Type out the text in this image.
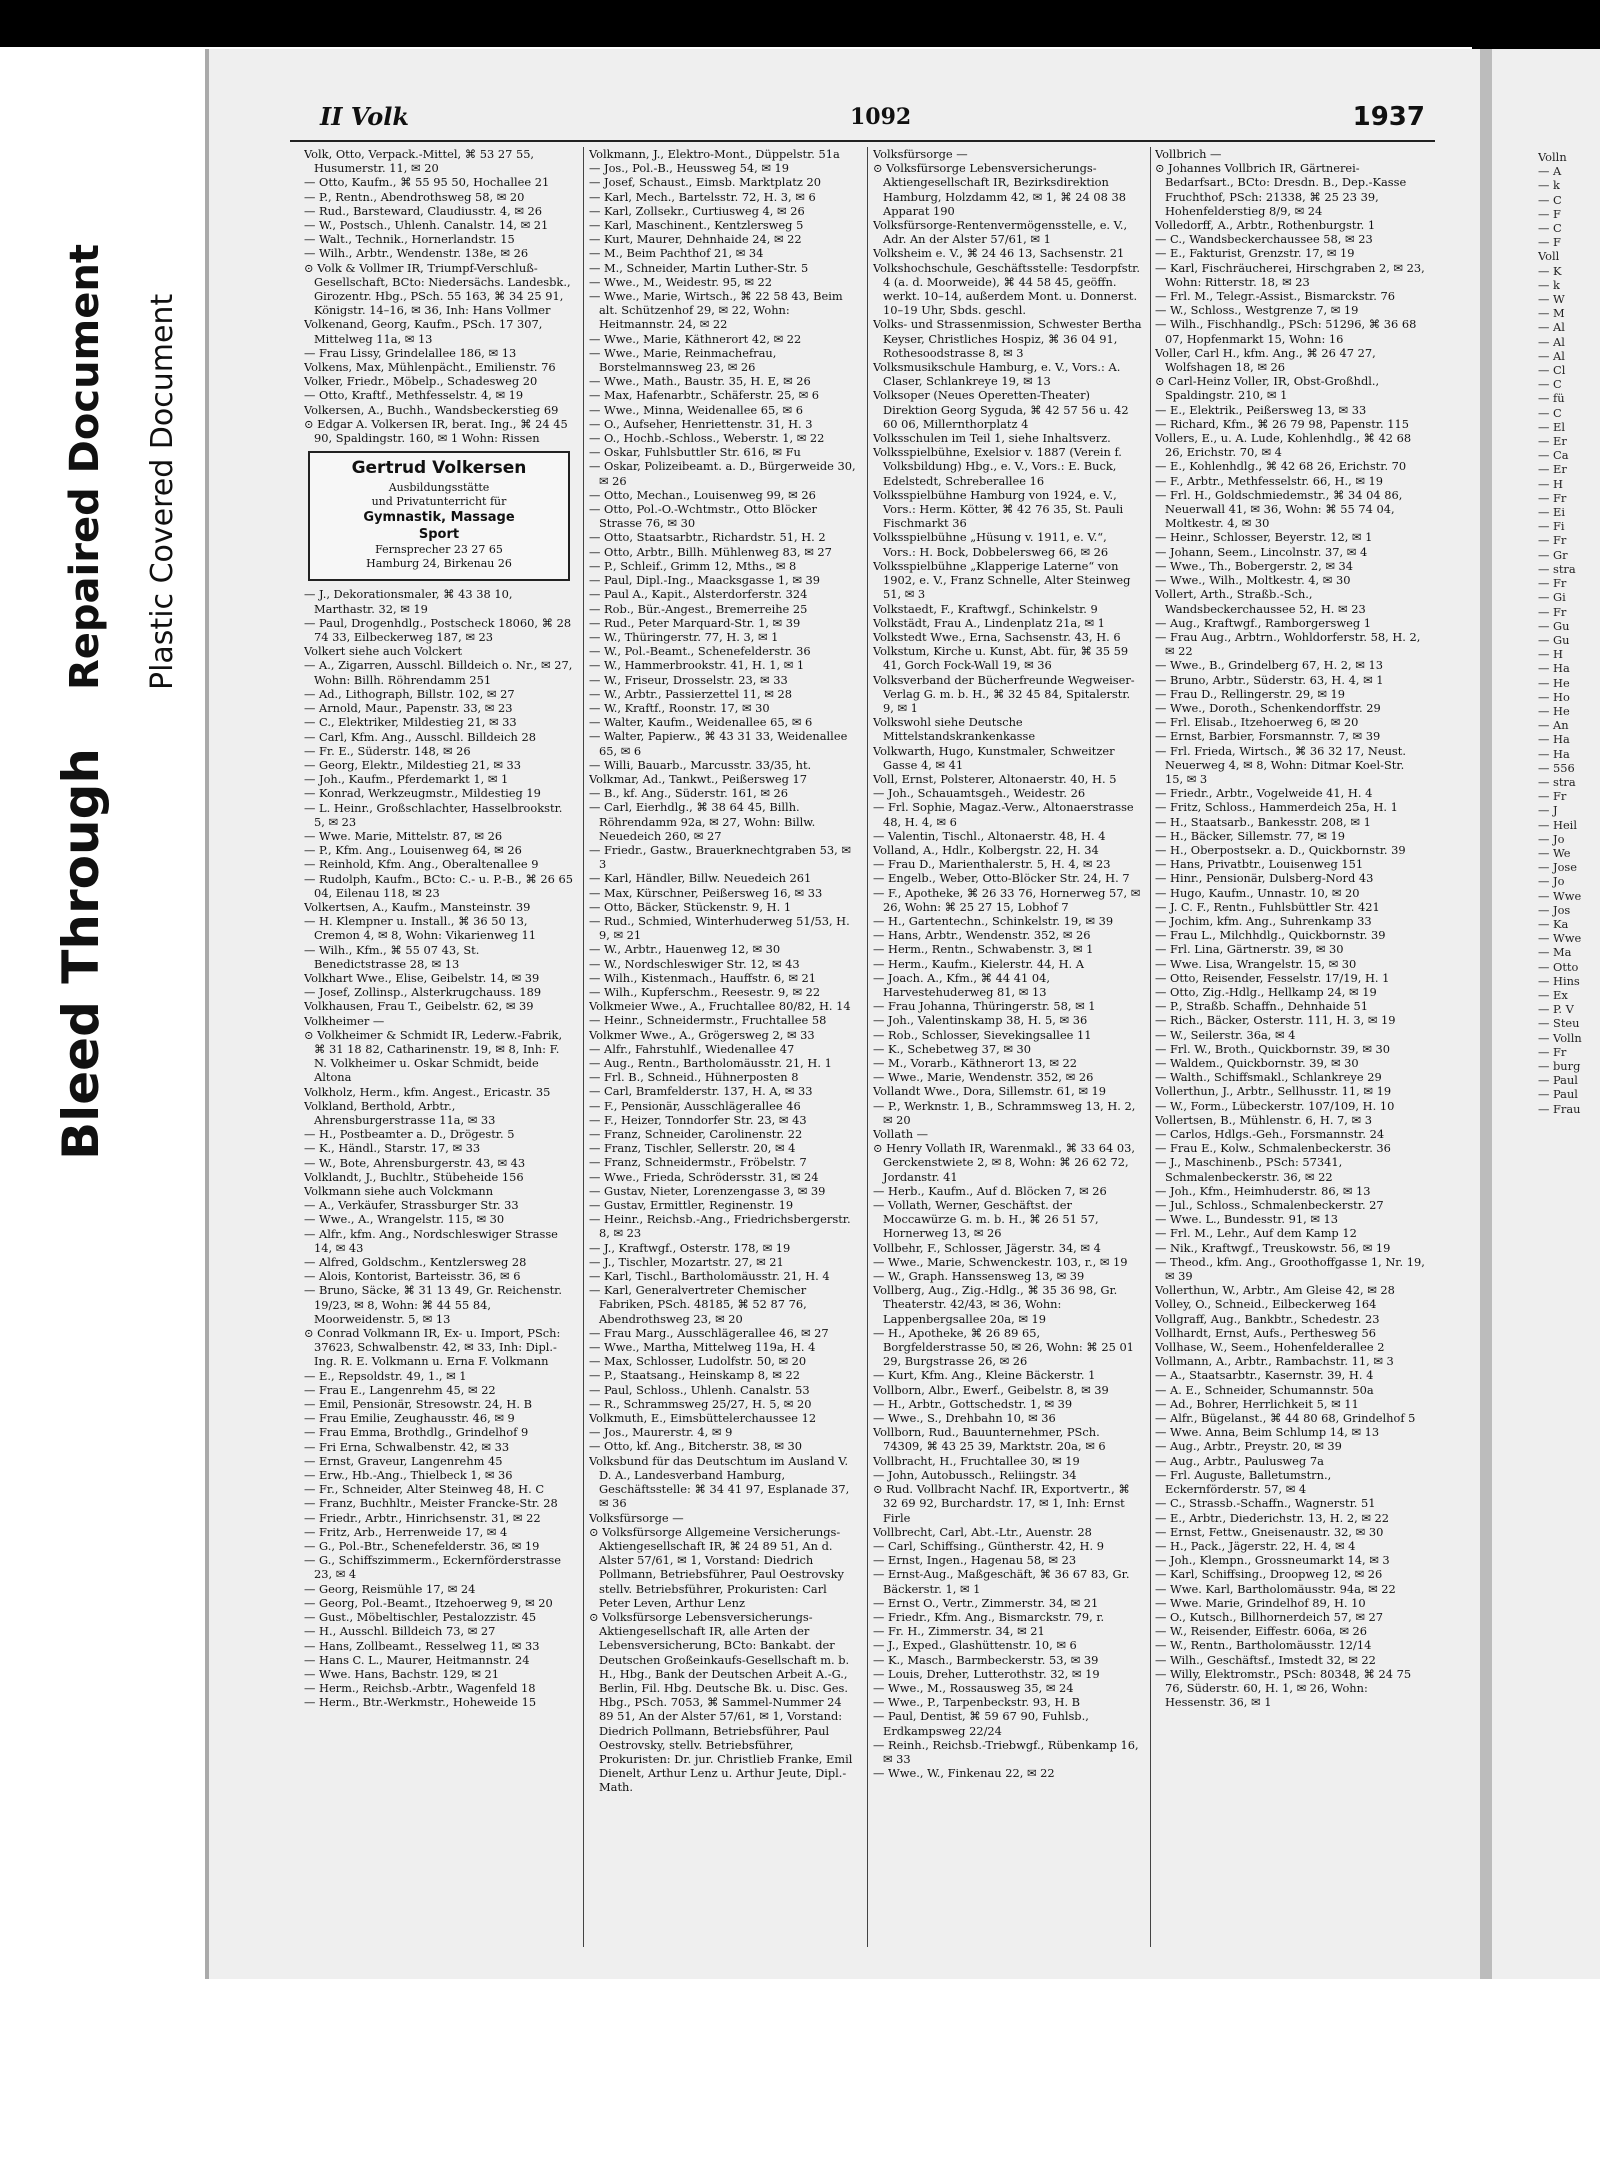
Bleed Through
Repaired Document Plastic Covered Document
II Volk	1092	1937
Volk, Otto, Verpack.-Mittel, ⌘ 53 27 55, Husumerstr. 11, ✉ 20
— Otto, Kaufm., ⌘ 55 95 50, Hochallee 21
— P., Rentn., Abendrothsweg 58, ✉ 20
— Rud., Barsteward, Claudiusstr. 4, ✉ 26
— W., Postsch., Uhlenh. Canalstr. 14, ✉ 21
— Walt., Technik., Hornerlandstr. 15
— Wilh., Arbtr., Wendenstr. 138e, ✉ 26
⊙ Volk & Vollmer IR, Triumpf-Verschluß-Gesellschaft, BCto: Niedersächs. Landesbk., Girozentr. Hbg., PSch. 55 163, ⌘ 34 25 91, Königstr. 14–16, ✉ 36, Inh: Hans Vollmer
Volkenand, Georg, Kaufm., PSch. 17 307, Mittelweg 11a, ✉ 13
— Frau Lissy, Grindelallee 186, ✉ 13
Volkens, Max, Mühlenpächt., Emilienstr. 76
Volker, Friedr., Möbelp., Schadesweg 20
— Otto, Kraftf., Methfesselstr. 4, ✉ 19
Volkersen, A., Buchh., Wandsbeckerstieg 69
⊙ Edgar A. Volkersen IR, berat. Ing., ⌘ 24 45 90, Spaldingstr. 160, ✉ 1 Wohn: Rissen
Gertrud Volkersen
Ausbildungsstätte
und Privatunterricht für
Gymnastik, Massage
Sport
Fernsprecher 23 27 65
Hamburg 24, Birkenau 26
— J., Dekorationsmaler, ⌘ 43 38 10, Marthastr. 32, ✉ 19
— Paul, Drogenhdlg., Postscheck 18060, ⌘ 28 74 33, Eilbeckerweg 187, ✉ 23
Volkert siehe auch Volckert
— A., Zigarren, Ausschl. Billdeich o. Nr., ✉ 27, Wohn: Billh. Röhrendamm 251
— Ad., Lithograph, Billstr. 102, ✉ 27
— Arnold, Maur., Papenstr. 33, ✉ 23
— C., Elektriker, Mildestieg 21, ✉ 33
— Carl, Kfm. Ang., Ausschl. Billdeich 28
— Fr. E., Süderstr. 148, ✉ 26
— Georg, Elektr., Mildestieg 21, ✉ 33
— Joh., Kaufm., Pferdemarkt 1, ✉ 1
— Konrad, Werkzeugmstr., Mildestieg 19
— L. Heinr., Großschlachter, Hasselbrookstr. 5, ✉ 23
— Wwe. Marie, Mittelstr. 87, ✉ 26
— P., Kfm. Ang., Louisenweg 64, ✉ 26
— Reinhold, Kfm. Ang., Oberaltenallee 9
— Rudolph, Kaufm., BCto: C.- u. P.-B., ⌘ 26 65 04, Eilenau 118, ✉ 23
Volkertsen, A., Kaufm., Mansteinstr. 39
— H. Klempner u. Install., ⌘ 36 50 13, Cremon 4, ✉ 8, Wohn: Vikarienweg 11
— Wilh., Kfm., ⌘ 55 07 43, St. Benedictstrasse 28, ✉ 13
Volkhart Wwe., Elise, Geibelstr. 14, ✉ 39
— Josef, Zollinsp., Alsterkrugchauss. 189
Volkhausen, Frau T., Geibelstr. 62, ✉ 39
Volkheimer —
⊙ Volkheimer & Schmidt IR, Lederw.-Fabrik, ⌘ 31 18 82, Catharinenstr. 19, ✉ 8, Inh: F. N. Volkheimer u. Oskar Schmidt, beide Altona
Volkholz, Herm., kfm. Angest., Ericastr. 35
Volkland, Berthold, Arbtr., Ahrensburgerstrasse 11a, ✉ 33
— H., Postbeamter a. D., Drögestr. 5
— K., Händl., Starstr. 17, ✉ 33
— W., Bote, Ahrensburgerstr. 43, ✉ 43
Volklandt, J., Buchltr., Stübeheide 156
Volkmann siehe auch Volckmann
— A., Verkäufer, Strassburger Str. 33
— Wwe., A., Wrangelstr. 115, ✉ 30
— Alfr., kfm. Ang., Nordschleswiger Strasse 14, ✉ 43
— Alfred, Goldschm., Kentzlersweg 28
— Alois, Kontorist, Barteisstr. 36, ✉ 6
— Bruno, Säcke, ⌘ 31 13 49, Gr. Reichenstr. 19/23, ✉ 8, Wohn: ⌘ 44 55 84, Moorweidenstr. 5, ✉ 13
⊙ Conrad Volkmann IR, Ex- u. Import, PSch: 37623, Schwalbenstr. 42, ✉ 33, Inh: Dipl.-Ing. R. E. Volkmann u. Erna F. Volkmann
— E., Repsoldstr. 49, 1., ✉ 1
— Frau E., Langenrehm 45, ✉ 22
— Emil, Pensionär, Stresowstr. 24, H. B
— Frau Emilie, Zeughausstr. 46, ✉ 9
— Frau Emma, Brothdlg., Grindelhof 9
— Fri Erna, Schwalbenstr. 42, ✉ 33
— Ernst, Graveur, Langenrehm 45
— Erw., Hb.-Ang., Thielbeck 1, ✉ 36
— Fr., Schneider, Alter Steinweg 48, H. C
— Franz, Buchhltr., Meister Francke-Str. 28
— Friedr., Arbtr., Hinrichsenstr. 31, ✉ 22
— Fritz, Arb., Herrenweide 17, ✉ 4
— G., Pol.-Btr., Schenefelderstr. 36, ✉ 19
— G., Schiffszimmerm., Eckernförderstrasse 23, ✉ 4
— Georg, Reismühle 17, ✉ 24
— Georg, Pol.-Beamt., Itzehoerweg 9, ✉ 20
— Gust., Möbeltischler, Pestalozzistr. 45
— H., Ausschl. Billdeich 73, ✉ 27
— Hans, Zollbeamt., Resselweg 11, ✉ 33
— Hans C. L., Maurer, Heitmannstr. 24
— Wwe. Hans, Bachstr. 129, ✉ 21
— Herm., Reichsb.-Arbtr., Wagenfeld 18
— Herm., Btr.-Werkmstr., Hoheweide 15
Volkmann, J., Elektro-Mont., Düppelstr. 51a
— Jos., Pol.-B., Heussweg 54, ✉ 19
— Josef, Schaust., Eimsb. Marktplatz 20
— Karl, Mech., Bartelsstr. 72, H. 3, ✉ 6
— Karl, Zollsekr., Curtiusweg 4, ✉ 26
— Karl, Maschinent., Kentzlersweg 5
— Kurt, Maurer, Dehnhaide 24, ✉ 22
— M., Beim Pachthof 21, ✉ 34
— M., Schneider, Martin Luther-Str. 5
— Wwe., M., Weidestr. 95, ✉ 22
— Wwe., Marie, Wirtsch., ⌘ 22 58 43, Beim alt. Schützenhof 29, ✉ 22, Wohn: Heitmannstr. 24, ✉ 22
— Wwe., Marie, Käthnerort 42, ✉ 22
— Wwe., Marie, Reinmachefrau, Borstelmannsweg 23, ✉ 26
— Wwe., Math., Baustr. 35, H. E, ✉ 26
— Max, Hafenarbtr., Schäferstr. 25, ✉ 6
— Wwe., Minna, Weidenallee 65, ✉ 6
— O., Aufseher, Henriettenstr. 31, H. 3
— O., Hochb.-Schloss., Weberstr. 1, ✉ 22
— Oskar, Fuhlsbuttler Str. 616, ✉ Fu
— Oskar, Polizeibeamt. a. D., Bürgerweide 30, ✉ 26
— Otto, Mechan., Louisenweg 99, ✉ 26
— Otto, Pol.-O.-Wchtmstr., Otto Blöcker Strasse 76, ✉ 30
— Otto, Staatsarbtr., Richardstr. 51, H. 2
— Otto, Arbtr., Billh. Mühlenweg 83, ✉ 27
— P., Schleif., Grimm 12, Mths., ✉ 8
— Paul, Dipl.-Ing., Maacksgasse 1, ✉ 39
— Paul A., Kapit., Alsterdorferstr. 324
— Rob., Bür.-Angest., Bremerreihe 25
— Rud., Peter Marquard-Str. 1, ✉ 39
— W., Thüringerstr. 77, H. 3, ✉ 1
— W., Pol.-Beamt., Schenefelderstr. 36
— W., Hammerbrookstr. 41, H. 1, ✉ 1
— W., Friseur, Drosselstr. 23, ✉ 33
— W., Arbtr., Passierzettel 11, ✉ 28
— W., Kraftf., Roonstr. 17, ✉ 30
— Walter, Kaufm., Weidenallee 65, ✉ 6
— Walter, Papierw., ⌘ 43 31 33, Weidenallee 65, ✉ 6
— Willi, Bauarb., Marcusstr. 33/35, ht.
Volkmar, Ad., Tankwt., Peißersweg 17
— B., kf. Ang., Süderstr. 161, ✉ 26
— Carl, Eierhdlg., ⌘ 38 64 45, Billh. Röhrendamm 92a, ✉ 27, Wohn: Billw. Neuedeich 260, ✉ 27
— Friedr., Gastw., Brauerknechtgraben 53, ✉ 3
— Karl, Händler, Billw. Neuedeich 261
— Max, Kürschner, Peißersweg 16, ✉ 33
— Otto, Bäcker, Stückenstr. 9, H. 1
— Rud., Schmied, Winterhuderweg 51/53, H. 9, ✉ 21
— W., Arbtr., Hauenweg 12, ✉ 30
— W., Nordschleswiger Str. 12, ✉ 43
— Wilh., Kistenmach., Hauffstr. 6, ✉ 21
— Wilh., Kupferschm., Reesestr. 9, ✉ 22
Volkmeier Wwe., A., Fruchtallee 80/82, H. 14
— Heinr., Schneidermstr., Fruchtallee 58
Volkmer Wwe., A., Grögersweg 2, ✉ 33
— Alfr., Fahrstuhlf., Wiedenallee 47
— Aug., Rentn., Bartholomäusstr. 21, H. 1
— Frl. B., Schneid., Hühnerposten 8
— Carl, Bramfelderstr. 137, H. A, ✉ 33
— F., Pensionär, Ausschlägerallee 46
— F., Heizer, Tonndorfer Str. 23, ✉ 43
— Franz, Schneider, Carolinenstr. 22
— Franz, Tischler, Sellerstr. 20, ✉ 4
— Franz, Schneidermstr., Fröbelstr. 7
— Wwe., Frieda, Schrödersstr. 31, ✉ 24
— Gustav, Nieter, Lorenzengasse 3, ✉ 39
— Gustav, Ermittler, Reginenstr. 19
— Heinr., Reichsb.-Ang., Friedrichsbergerstr. 8, ✉ 23
— J., Kraftwgf., Osterstr. 178, ✉ 19
— J., Tischler, Mozartstr. 27, ✉ 21
— Karl, Tischl., Bartholomäusstr. 21, H. 4
— Karl, Generalvertreter Chemischer Fabriken, PSch. 48185, ⌘ 52 87 76, Abendrothsweg 23, ✉ 20
— Frau Marg., Ausschlägerallee 46, ✉ 27
— Wwe., Martha, Mittelweg 119a, H. 4
— Max, Schlosser, Ludolfstr. 50, ✉ 20
— P., Staatsang., Heinskamp 8, ✉ 22
— Paul, Schloss., Uhlenh. Canalstr. 53
— R., Schrammsweg 25/27, H. 5, ✉ 20
Volkmuth, E., Eimsbüttelerchaussee 12
— Jos., Maurerstr. 4, ✉ 9
— Otto, kf. Ang., Bitcherstr. 38, ✉ 30
Volksbund für das Deutschtum im Ausland V. D. A., Landesverband Hamburg, Geschäftsstelle: ⌘ 34 41 97, Esplanade 37, ✉ 36
Volksfürsorge —
⊙ Volksfürsorge Allgemeine Versicherungs-Aktiengesellschaft IR, ⌘ 24 89 51, An d. Alster 57/61, ✉ 1, Vorstand: Diedrich Pollmann, Betriebsführer, Paul Oestrovsky stellv. Betriebsführer, Prokuristen: Carl Peter Leven, Arthur Lenz
⊙ Volksfürsorge Lebensversicherungs-Aktiengesellschaft IR, alle Arten der Lebensversicherung, BCto: Bankabt. der Deutschen Großeinkaufs-Gesellschaft m. b. H., Hbg., Bank der Deutschen Arbeit A.-G., Berlin, Fil. Hbg. Deutsche Bk. u. Disc. Ges. Hbg., PSch. 7053, ⌘ Sammel-Nummer 24 89 51, An der Alster 57/61, ✉ 1, Vorstand: Diedrich Pollmann, Betriebsführer, Paul Oestrovsky, stellv. Betriebsführer, Prokuristen: Dr. jur. Christlieb Franke, Emil Dienelt, Arthur Lenz u. Arthur Jeute, Dipl.-Math.
Volksfürsorge —
⊙ Volksfürsorge Lebensversicherungs-Aktiengesellschaft IR, Bezirksdirektion Hamburg, Holzdamm 42, ✉ 1, ⌘ 24 08 38 Apparat 190
Volksfürsorge-Rentenvermögensstelle, e. V., Adr. An der Alster 57/61, ✉ 1
Volksheim e. V., ⌘ 24 46 13, Sachsenstr. 21
Volkshochschule, Geschäftsstelle: Tesdorpfstr. 4 (a. d. Moorweide), ⌘ 44 58 45, geöffn. werkt. 10–14, außerdem Mont. u. Donnerst. 10–19 Uhr, Sbds. geschl.
Volks- und Strassenmission, Schwester Bertha Keyser, Christliches Hospiz, ⌘ 36 04 91, Rothesoodstrasse 8, ✉ 3
Volksmusikschule Hamburg, e. V., Vors.: A. Claser, Schlankreye 19, ✉ 13
Volksoper (Neues Operetten-Theater) Direktion Georg Syguda, ⌘ 42 57 56 u. 42 60 06, Millernthorplatz 4
Volksschulen im Teil 1, siehe Inhaltsverz.
Volksspielbühne, Exelsior v. 1887 (Verein f. Volksbildung) Hbg., e. V., Vors.: E. Buck, Edelstedt, Schreberallee 16
Volksspielbühne Hamburg von 1924, e. V., Vors.: Herm. Kötter, ⌘ 42 76 35, St. Pauli Fischmarkt 36
Volksspielbühne „Hüsung v. 1911, e. V.“, Vors.: H. Bock, Dobbelersweg 66, ✉ 26
Volksspielbühne „Klapperige Laterne“ von 1902, e. V., Franz Schnelle, Alter Steinweg 51, ✉ 3
Volkstaedt, F., Kraftwgf., Schinkelstr. 9
Volkstädt, Frau A., Lindenplatz 21a, ✉ 1
Volkstedt Wwe., Erna, Sachsenstr. 43, H. 6
Volkstum, Kirche u. Kunst, Abt. für, ⌘ 35 59 41, Gorch Fock-Wall 19, ✉ 36
Volksverband der Bücherfreunde Wegweiser-Verlag G. m. b. H., ⌘ 32 45 84, Spitalerstr. 9, ✉ 1
Volkswohl siehe Deutsche Mittelstandskrankenkasse
Volkwarth, Hugo, Kunstmaler, Schweitzer Gasse 4, ✉ 41
Voll, Ernst, Polsterer, Altonaerstr. 40, H. 5
— Joh., Schauamtsgeh., Weidestr. 26
— Frl. Sophie, Magaz.-Verw., Altonaerstrasse 48, H. 4, ✉ 6
— Valentin, Tischl., Altonaerstr. 48, H. 4
Volland, A., Hdlr., Kolbergstr. 22, H. 34
— Frau D., Marienthalerstr. 5, H. 4, ✉ 23
— Engelb., Weber, Otto-Blöcker Str. 24, H. 7
— F., Apotheke, ⌘ 26 33 76, Hornerweg 57, ✉ 26, Wohn: ⌘ 25 27 15, Lobhof 7
— H., Gartentechn., Schinkelstr. 19, ✉ 39
— Hans, Arbtr., Wendenstr. 352, ✉ 26
— Herm., Rentn., Schwabenstr. 3, ✉ 1
— Herm., Kaufm., Kielerstr. 44, H. A
— Joach. A., Kfm., ⌘ 44 41 04, Harvestehuderweg 81, ✉ 13
— Frau Johanna, Thüringerstr. 58, ✉ 1
— Joh., Valentinskamp 38, H. 5, ✉ 36
— Rob., Schlosser, Sievekingsallee 11
— K., Schebetweg 37, ✉ 30
— M., Vorarb., Käthnerort 13, ✉ 22
— Wwe., Marie, Wendenstr. 352, ✉ 26
Vollandt Wwe., Dora, Sillemstr. 61, ✉ 19
— P., Werknstr. 1, B., Schrammsweg 13, H. 2, ✉ 20
Vollath —
⊙ Henry Vollath IR, Warenmakl., ⌘ 33 64 03, Gerckenstwiete 2, ✉ 8, Wohn: ⌘ 26 62 72, Jordanstr. 41
— Herb., Kaufm., Auf d. Blöcken 7, ✉ 26
— Vollath, Werner, Geschäftst. der Moccawürze G. m. b. H., ⌘ 26 51 57, Hornerweg 13, ✉ 26
Vollbehr, F., Schlosser, Jägerstr. 34, ✉ 4
— Wwe., Marie, Schwenckestr. 103, r., ✉ 19
— W., Graph. Hanssensweg 13, ✉ 39
Vollberg, Aug., Zig.-Hdlg., ⌘ 35 36 98, Gr. Theaterstr. 42/43, ✉ 36, Wohn: Lappenbergsallee 20a, ✉ 19
— H., Apotheke, ⌘ 26 89 65, Borgfelderstrasse 50, ✉ 26, Wohn: ⌘ 25 01 29, Burgstrasse 26, ✉ 26
— Kurt, Kfm. Ang., Kleine Bäckerstr. 1
Vollborn, Albr., Ewerf., Geibelstr. 8, ✉ 39
— H., Arbtr., Gottschedstr. 1, ✉ 39
— Wwe., S., Drehbahn 10, ✉ 36
Vollborn, Rud., Bauunternehmer, PSch. 74309, ⌘ 43 25 39, Marktstr. 20a, ✉ 6
Vollbracht, H., Fruchtallee 30, ✉ 19
— John, Autobussch., Reliingstr. 34
⊙ Rud. Vollbracht Nachf. IR, Exportvertr., ⌘ 32 69 92, Burchardstr. 17, ✉ 1, Inh: Ernst Firle
Vollbrecht, Carl, Abt.-Ltr., Auenstr. 28
— Carl, Schiffsing., Güntherstr. 42, H. 9
— Ernst, Ingen., Hagenau 58, ✉ 23
— Ernst-Aug., Maßgeschäft, ⌘ 36 67 83, Gr. Bäckerstr. 1, ✉ 1
— Ernst O., Vertr., Zimmerstr. 34, ✉ 21
— Friedr., Kfm. Ang., Bismarckstr. 79, r.
— Fr. H., Zimmerstr. 34, ✉ 21
— J., Exped., Glashüttenstr. 10, ✉ 6
— K., Masch., Barmbeckerstr. 53, ✉ 39
— Louis, Dreher, Lutterothstr. 32, ✉ 19
— Wwe., M., Rossausweg 35, ✉ 24
— Wwe., P., Tarpenbeckstr. 93, H. B
— Paul, Dentist, ⌘ 59 67 90, Fuhlsb., Erdkampsweg 22/24
— Reinh., Reichsb.-Triebwgf., Rübenkamp 16, ✉ 33
— Wwe., W., Finkenau 22, ✉ 22
Vollbrich —
⊙ Johannes Vollbrich IR, Gärtnerei-Bedarfsart., BCto: Dresdn. B., Dep.-Kasse Fruchthof, PSch: 21338, ⌘ 25 23 39, Hohenfelderstieg 8/9, ✉ 24
Volledorff, A., Arbtr., Rothenburgstr. 1
— C., Wandsbeckerchaussee 58, ✉ 23
— E., Fakturist, Grenzstr. 17, ✉ 19
— Karl, Fischräucherei, Hirschgraben 2, ✉ 23, Wohn: Ritterstr. 18, ✉ 23
— Frl. M., Telegr.-Assist., Bismarckstr. 76
— W., Schloss., Westgrenze 7, ✉ 19
— Wilh., Fischhandlg., PSch: 51296, ⌘ 36 68 07, Hopfenmarkt 15, Wohn: 16
Voller, Carl H., kfm. Ang., ⌘ 26 47 27, Wolfshagen 18, ✉ 26
⊙ Carl-Heinz Voller, IR, Obst-Großhdl., Spaldingstr. 210, ✉ 1
— E., Elektrik., Peißersweg 13, ✉ 33
— Richard, Kfm., ⌘ 26 79 98, Papenstr. 115
Vollers, E., u. A. Lude, Kohlenhdlg., ⌘ 42 68 26, Erichstr. 70, ✉ 4
— E., Kohlenhdlg., ⌘ 42 68 26, Erichstr. 70
— F., Arbtr., Methfesselstr. 66, H., ✉ 19
— Frl. H., Goldschmiedemstr., ⌘ 34 04 86, Neuerwall 41, ✉ 36, Wohn: ⌘ 55 74 04, Moltkestr. 4, ✉ 30
— Heinr., Schlosser, Beyerstr. 12, ✉ 1
— Johann, Seem., Lincolnstr. 37, ✉ 4
— Wwe., Th., Bobergerstr. 2, ✉ 34
— Wwe., Wilh., Moltkestr. 4, ✉ 30
Vollert, Arth., Straßb.-Sch., Wandsbeckerchaussee 52, H. ✉ 23
— Aug., Kraftwgf., Ramborgersweg 1
— Frau Aug., Arbtrn., Wohldorferstr. 58, H. 2, ✉ 22
— Wwe., B., Grindelberg 67, H. 2, ✉ 13
— Bruno, Arbtr., Süderstr. 63, H. 4, ✉ 1
— Frau D., Rellingerstr. 29, ✉ 19
— Wwe., Doroth., Schenkendorffstr. 29
— Frl. Elisab., Itzehoerweg 6, ✉ 20
— Ernst, Barbier, Forsmannstr. 7, ✉ 39
— Frl. Frieda, Wirtsch., ⌘ 36 32 17, Neust. Neuerweg 4, ✉ 8, Wohn: Ditmar Koel-Str. 15, ✉ 3
— Friedr., Arbtr., Vogelweide 41, H. 4
— Fritz, Schloss., Hammerdeich 25a, H. 1
— H., Staatsarb., Bankesstr. 208, ✉ 1
— H., Bäcker, Sillemstr. 77, ✉ 19
— H., Oberpostsekr. a. D., Quickbornstr. 39
— Hans, Privatbtr., Louisenweg 151
— Hinr., Pensionär, Dulsberg-Nord 43
— Hugo, Kaufm., Unnastr. 10, ✉ 20
— J. C. F., Rentn., Fuhlsbüttler Str. 421
— Jochim, kfm. Ang., Suhrenkamp 33
— Frau L., Milchhdlg., Quickbornstr. 39
— Frl. Lina, Gärtnerstr. 39, ✉ 30
— Wwe. Lisa, Wrangelstr. 15, ✉ 30
— Otto, Reisender, Fesselstr. 17/19, H. 1
— Otto, Zig.-Hdlg., Hellkamp 24, ✉ 19
— P., Straßb. Schaffn., Dehnhaide 51
— Rich., Bäcker, Osterstr. 111, H. 3, ✉ 19
— W., Seilerstr. 36a, ✉ 4
— Frl. W., Broth., Quickbornstr. 39, ✉ 30
— Waldem., Quickbornstr. 39, ✉ 30
— Walth., Schiffsmakl., Schlankreye 29
Vollerthun, J., Arbtr., Sellhusstr. 11, ✉ 19
— W., Form., Lübeckerstr. 107/109, H. 10
Vollertsen, B., Mühlenstr. 6, H. 7, ✉ 3
— Carlos, Hdlgs.-Geh., Forsmannstr. 24
— Frau E., Kolw., Schmalenbeckerstr. 36
— J., Maschinenb., PSch: 57341, Schmalenbeckerstr. 36, ✉ 22
— Joh., Kfm., Heimhuderstr. 86, ✉ 13
— Jul., Schloss., Schmalenbeckerstr. 27
— Wwe. L., Bundesstr. 91, ✉ 13
— Frl. M., Lehr., Auf dem Kamp 12
— Nik., Kraftwgf., Treuskowstr. 56, ✉ 19
— Theod., kfm. Ang., Groothoffgasse 1, Nr. 19, ✉ 39
Vollerthun, W., Arbtr., Am Gleise 42, ✉ 28
Volley, O., Schneid., Eilbeckerweg 164
Vollgraff, Aug., Bankbtr., Schedestr. 23
Vollhardt, Ernst, Aufs., Perthesweg 56
Vollhase, W., Seem., Hohenfelderallee 2
Vollmann, A., Arbtr., Rambachstr. 11, ✉ 3
— A., Staatsarbtr., Kasernstr. 39, H. 4
— A. E., Schneider, Schumannstr. 50a
— Ad., Bohrer, Herrlichkeit 5, ✉ 11
— Alfr., Bügelanst., ⌘ 44 80 68, Grindelhof 5
— Wwe. Anna, Beim Schlump 14, ✉ 13
— Aug., Arbtr., Preystr. 20, ✉ 39
— Aug., Arbtr., Paulusweg 7a
— Frl. Auguste, Balletumstrn., Eckernförderstr. 57, ✉ 4
— C., Strassb.-Schaffn., Wagnerstr. 51
— E., Arbtr., Diederichstr. 13, H. 2, ✉ 22
— Ernst, Fettw., Gneisenaustr. 32, ✉ 30
— H., Pack., Jägerstr. 22, H. 4, ✉ 4
— Joh., Klempn., Grossneumarkt 14, ✉ 3
— Karl, Schiffsing., Droopweg 12, ✉ 26
— Wwe. Karl, Bartholomäusstr. 94a, ✉ 22
— Wwe. Marie, Grindelhof 89, H. 10
— O., Kutsch., Billhornerdeich 57, ✉ 27
— W., Reisender, Eiffestr. 606a, ✉ 26
— W., Rentn., Bartholomäusstr. 12/14
— Wilh., Geschäftsf., Imstedt 32, ✉ 22
— Willy, Elektromstr., PSch: 80348, ⌘ 24 75 76, Süderstr. 60, H. 1, ✉ 26, Wohn: Hessenstr. 36, ✉ 1
Volln
— A
— k
— C
— F
— C
— F
Voll
— K
— k
— W
— M
— Al
— Al
— Al
— Cl
— C
— fü
— C
— El
— Er
— Ca
— Er
— H
— Fr
— Ei
— Fi
— Fr
— Gr
— stra
— Fr
— Gi
— Fr
— Gu
— Gu
— H
— Ha
— He
— Ho
— He
— An
— Ha
— Ha
— 556
— stra
— Fr
— J
— Heil
— Jo
— We
— Jose
— Jo
— Wwe
— Jos
— Ka
— Wwe
— Ma
— Otto
— Hins
— Ex
— P. V
— Steu
— Volln
— Fr
— burg
— Paul
— Paul
— Frau
